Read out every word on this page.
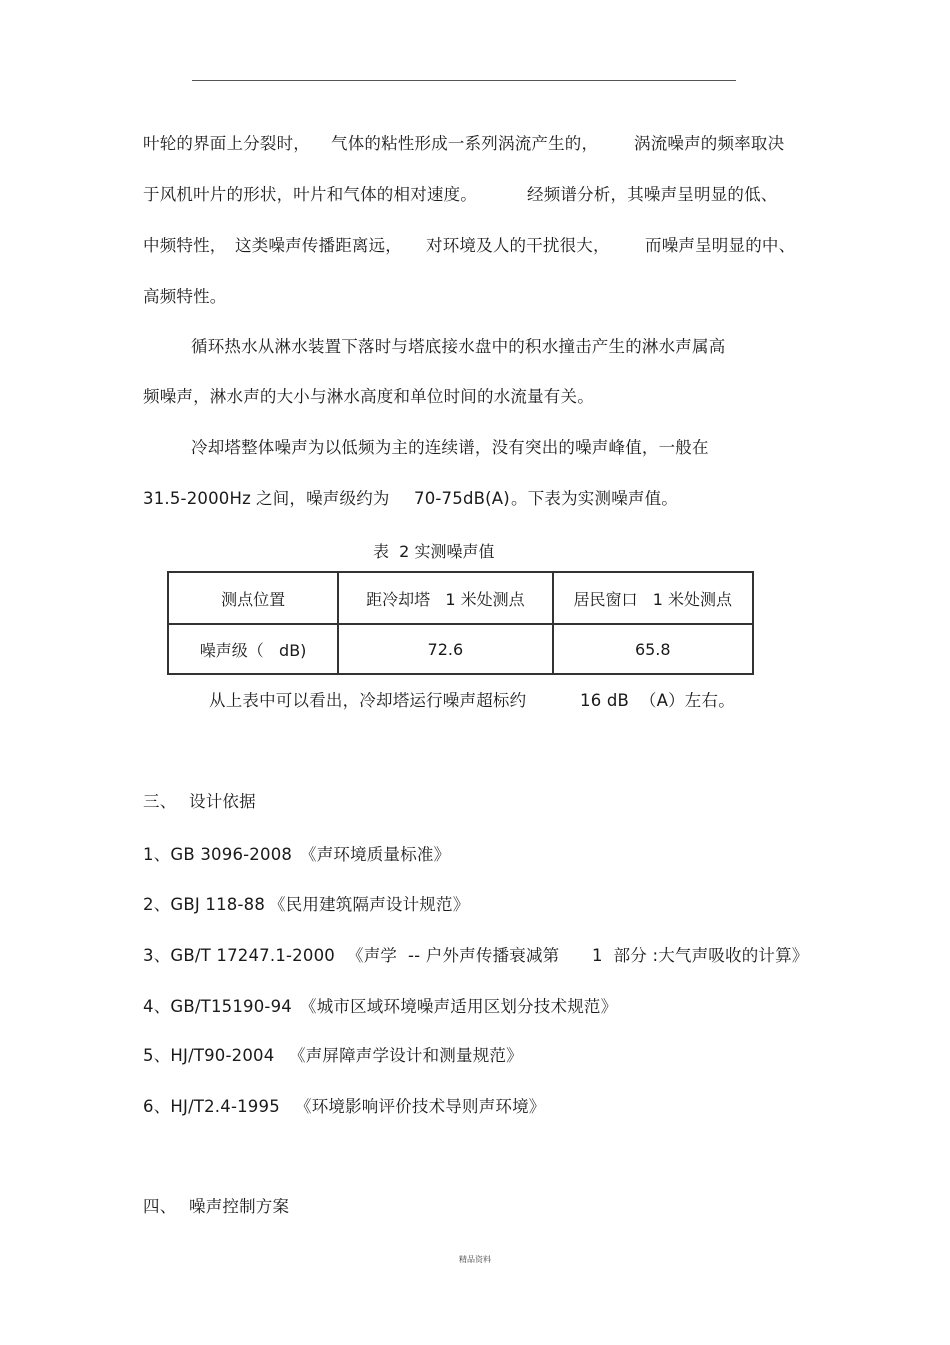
叶轮的界面上分裂时， 气体的粘性形成一系列涡流产生的， 涡流噪声的频率取决
于风机叶片的形状，叶片和气体的相对速度。	经频谱分析，其噪声呈明显的低、
中频特性， 这类噪声传播距离远， 对环境及人的干扰很大， 而噪声呈明显的中、
高频特性。
循环热水从淋水装置下落时与塔底接水盘中的积水撞击产生的淋水声属高
频噪声，淋水声的大小与淋水高度和单位时间的水流量有关。
冷却塔整体噪声为以低频为主的连续谱，没有突出的噪声峰值，一般在
31.5-2000Hz 之间，噪声级约为 70-75dB(A) 。下表为实测噪声值。
表  2 实测噪声值
测点位置	距冷却塔   1 米处测点	居民窗口   1 米处测点
噪声级（   dB)	72.6	65.8
从上表中可以看出，冷却塔运行噪声超标约	16 dB  （A）左右。
三、 设计依据
1、GB 3096-2008 《声环境质量标准》
2、GBJ 118-88 《民用建筑隔声设计规范》
3、GB/T 17247.1-2000 《声学  -- 户外声传播衰减第      1  部分 :大气声吸收的计算》
4、GB/T15190-94 《城市区域环境噪声适用区划分技术规范》
5、HJ/T90-2004 《声屏障声学设计和测量规范》
6、HJ/T2.4-1995 《环境影响评价技术导则声环境》
四、 噪声控制方案
精品资料
